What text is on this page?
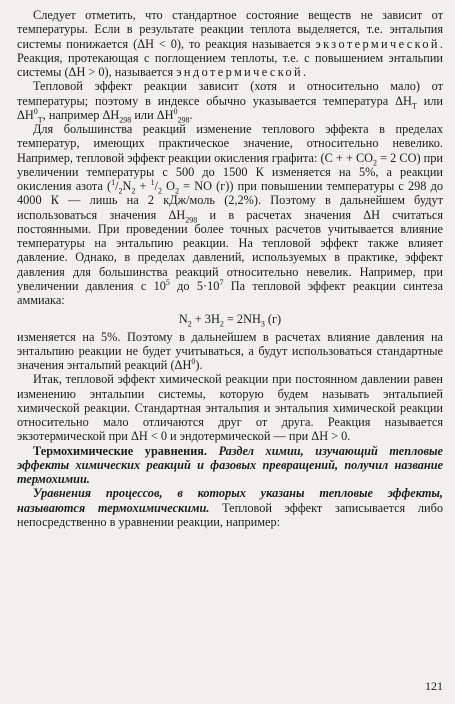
Следует отметить, что стандартное состояние веществ не зависит от температуры. Если в результате реакции теплота выделяется, т.е. энтальпия системы понижается (ΔH < 0), то реакция называется экзотермической. Реакция, протекающая с поглощением теплоты, т.е. с повышением энтальпии системы (ΔH > 0), называется эндотермической.

Тепловой эффект реакции зависит (хотя и относительно мало) от температуры; поэтому в индексе обычно указывается температура $\Delta H_T$ или $\Delta H^0_T$, например $\Delta H_{298}$ или $\Delta H^0_{298}$.

Для большинства реакций изменение теплового эффекта в пределах температур, имеющих практическое значение, относительно невелико. Например, тепловой эффект реакции окисления графита: (С + + $СО_2 = 2$ СО) при увеличении температуры с 500 до 1500 К изменяется на 5%, а реакции окисления азота ($^1/_2N_2 + ^1/_2$ $O_2$ = NO (г)) при повышении температуры с 298 до 4000 К — лишь на 2 кДж/моль (2,2%). Поэтому в дальнейшем будут использоваться значения $\Delta H_{298}$ и в расчетах значения ΔH считаться постоянными. При проведении более точных расчетов учитывается влияние температуры на энтальпию реакции. На тепловой эффект также влияет давление. Однако, в пределах давлений, используемых в практике, эффект давления для большинства реакций относительно невелик. Например, при увеличении давления с $10^5$ до $5\cdot 10^7$ Па тепловой эффект реакции синтеза аммиака:

$N_2 + 3H_2 = 2NH_3$ (г)

изменяется на 5%. Поэтому в дальнейшем в расчетах влияние давления на энтальпию реакции не будет учитываться, а будут использоваться стандартные значения энтальпий реакций $(\Delta H^0)$.

Итак, тепловой эффект химической реакции при постоянном давлении равен изменению энтальпии системы, которую будем называть энтальпией химической реакции. Стандартная энтальпия и энтальпия химической реакции относительно мало отличаются друг от друга. Реакция называется экзотермической при ΔH < 0 и эндотермической — при ΔH > 0.

Термохимические уравнения. Раздел химии, изучающий тепловые эффекты химических реакций и фазовых превращений, получил название термохимии.

Уравнения процессов, в которых указаны тепловые эффекты, называются термохимическими. Тепловой эффект записывается либо непосредственно в уравнении реакции, например:

121
